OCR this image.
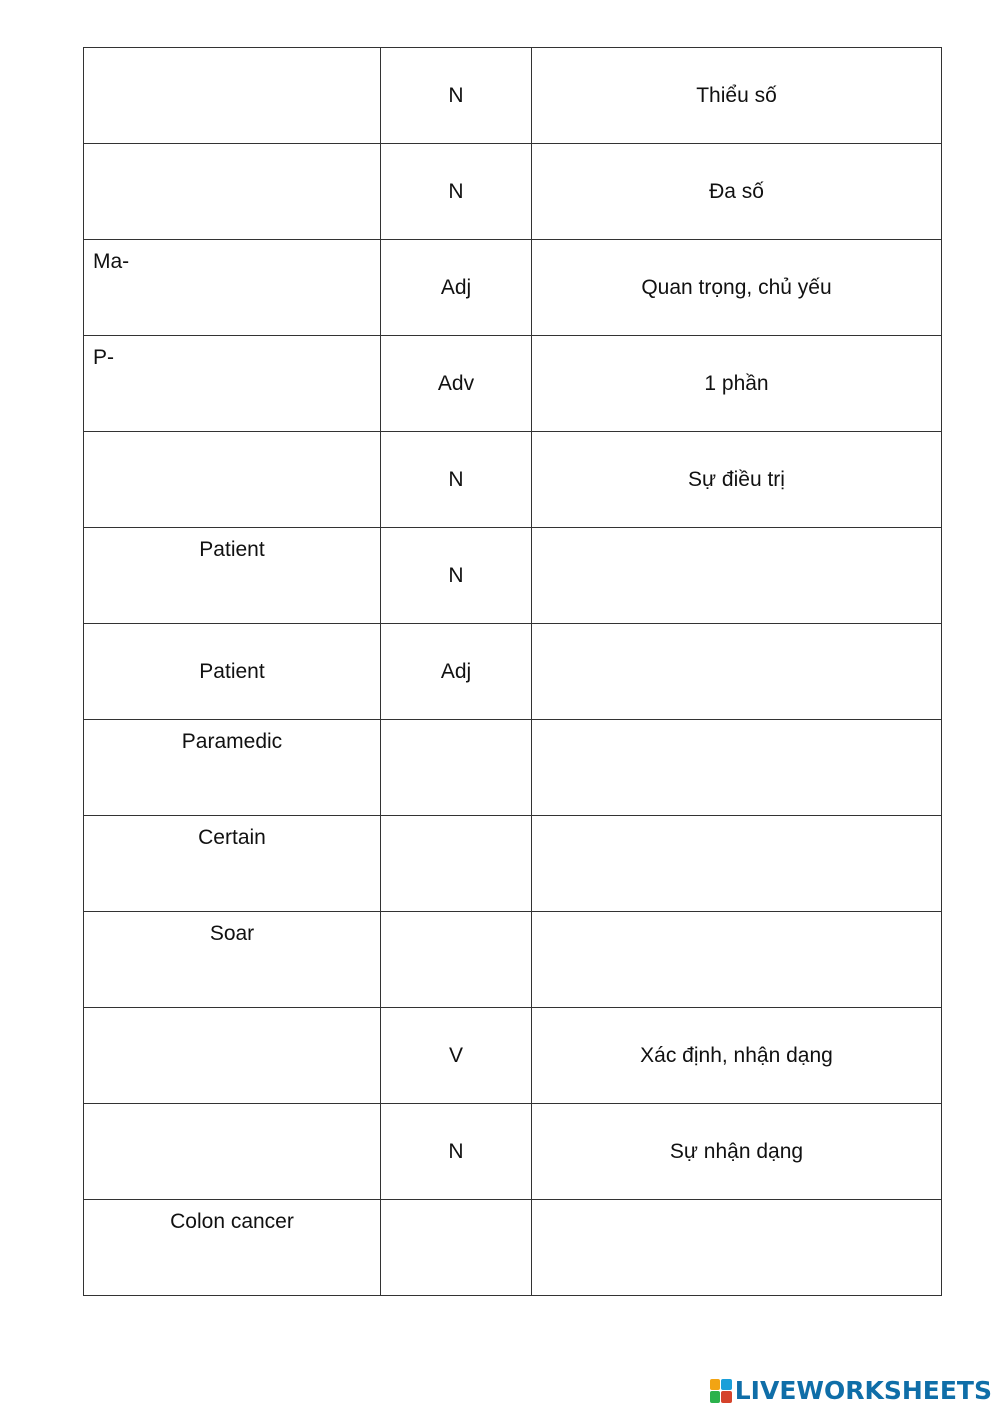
	N	Thiểu số
	N	Đa số
Ma-	Adj	Quan trọng, chủ yếu
P-	Adv	1 phần
	N	Sự điều trị
Patient	N	
Patient	Adj	
Paramedic		
Certain		
Soar		
	V	Xác định, nhận dạng
	N	Sự nhận dạng
Colon cancer		
LIVEWORKSHEETS
